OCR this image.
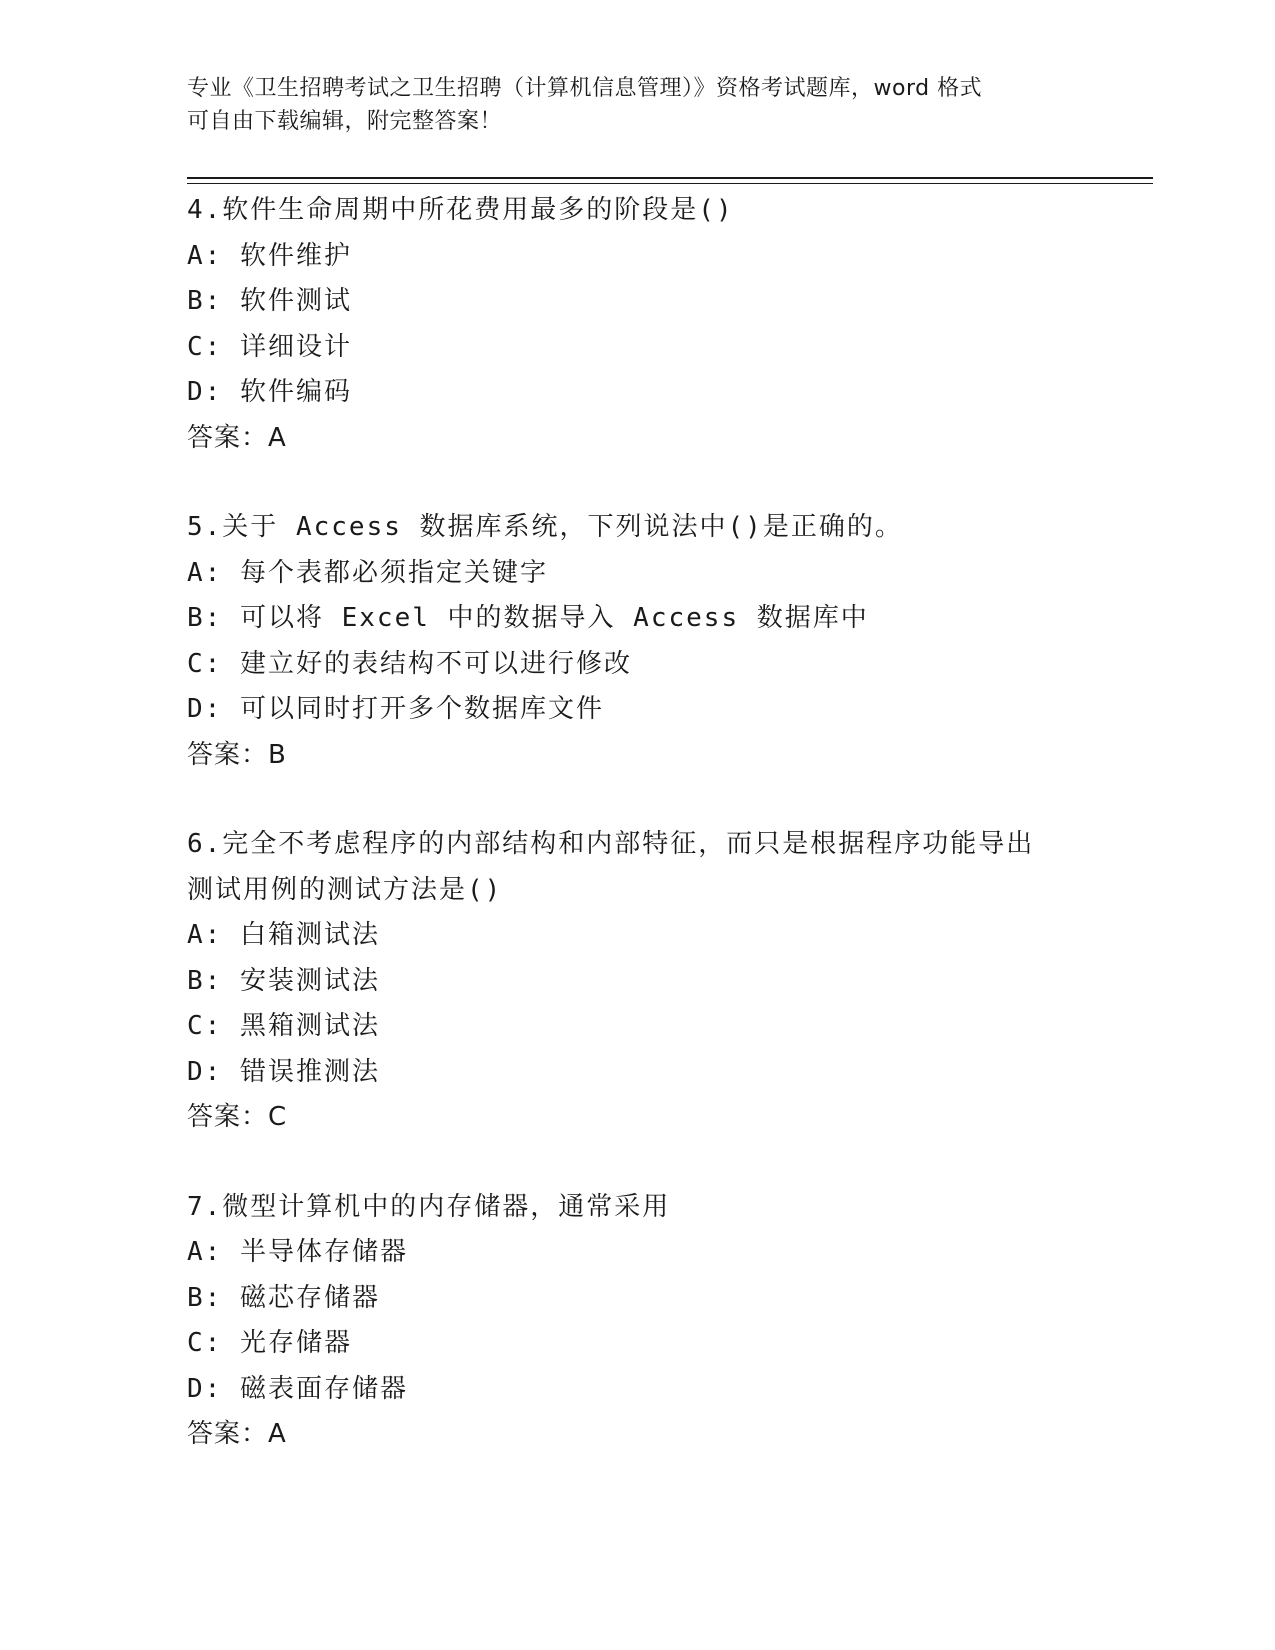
专业《卫生招聘考试之卫生招聘（计算机信息管理）》资格考试题库，word 格式
可自由下载编辑，附完整答案！
4.软件生命周期中所花费用最多的阶段是()
A: 软件维护
B: 软件测试
C: 详细设计
D: 软件编码
答案：A
5.关于 Access 数据库系统，下列说法中()是正确的。
A: 每个表都必须指定关键字
B: 可以将 Excel 中的数据导入 Access 数据库中
C: 建立好的表结构不可以进行修改
D: 可以同时打开多个数据库文件
答案：B
6.完全不考虑程序的内部结构和内部特征，而只是根据程序功能导出
测试用例的测试方法是()
A: 白箱测试法
B: 安装测试法
C: 黑箱测试法
D: 错误推测法
答案：C
7.微型计算机中的内存储器，通常采用
A: 半导体存储器
B: 磁芯存储器
C: 光存储器
D: 磁表面存储器
答案：A
